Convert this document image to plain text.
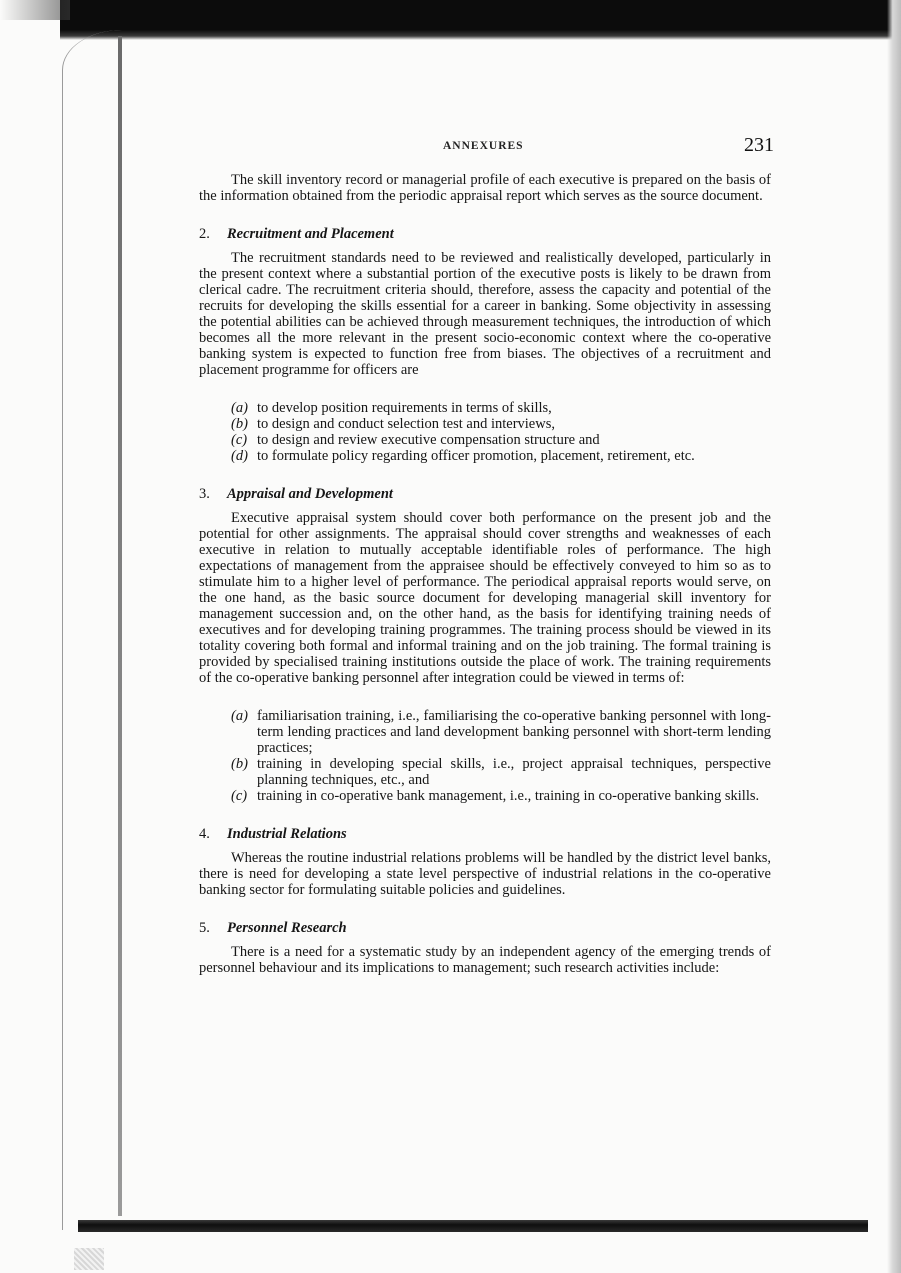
ANNEXURES	231

The skill inventory record or managerial profile of each executive is prepared on the basis of the information obtained from the periodic appraisal report which serves as the source document.

2. Recruitment and Placement

The recruitment standards need to be reviewed and realistically developed, particularly in the present context where a substantial portion of the executive posts is likely to be drawn from clerical cadre. The recruitment criteria should, therefore, assess the capacity and potential of the recruits for developing the skills essential for a career in banking. Some objectivity in assessing the potential abilities can be achieved through measurement techniques, the introduction of which becomes all the more relevant in the present socio-economic context where the co-operative banking system is expected to function free from biases. The objectives of a recruitment and placement programme for officers are

(a) to develop position requirements in terms of skills,
(b) to design and conduct selection test and interviews,
(c) to design and review executive compensation structure and
(d) to formulate policy regarding officer promotion, placement, retirement, etc.
3. Appraisal and Development

Executive appraisal system should cover both performance on the present job and the potential for other assignments. The appraisal should cover strengths and weaknesses of each executive in relation to mutually acceptable identifiable roles of performance. The high expectations of management from the appraisee should be effectively conveyed to him so as to stimulate him to a higher level of performance. The periodical appraisal reports would serve, on the one hand, as the basic source document for developing managerial skill inventory for management succession and, on the other hand, as the basis for identifying training needs of executives and for developing training programmes. The training process should be viewed in its totality covering both formal and informal training and on the job training. The formal training is provided by specialised training institutions outside the place of work. The training requirements of the co-operative banking personnel after integration could be viewed in terms of:

(a) familiarisation training, i.e., familiarising the co-operative banking personnel with long-term lending practices and land development banking personnel with short-term lending practices;
(b) training in developing special skills, i.e., project appraisal techniques, perspective planning techniques, etc., and
(c) training in co-operative bank management, i.e., training in co-operative banking skills.
4. Industrial Relations

Whereas the routine industrial relations problems will be handled by the district level banks, there is need for developing a state level perspective of industrial relations in the co-operative banking sector for formulating suitable policies and guidelines.

5. Personnel Research

There is a need for a systematic study by an independent agency of the emerging trends of personnel behaviour and its implications to management; such research activities include:
